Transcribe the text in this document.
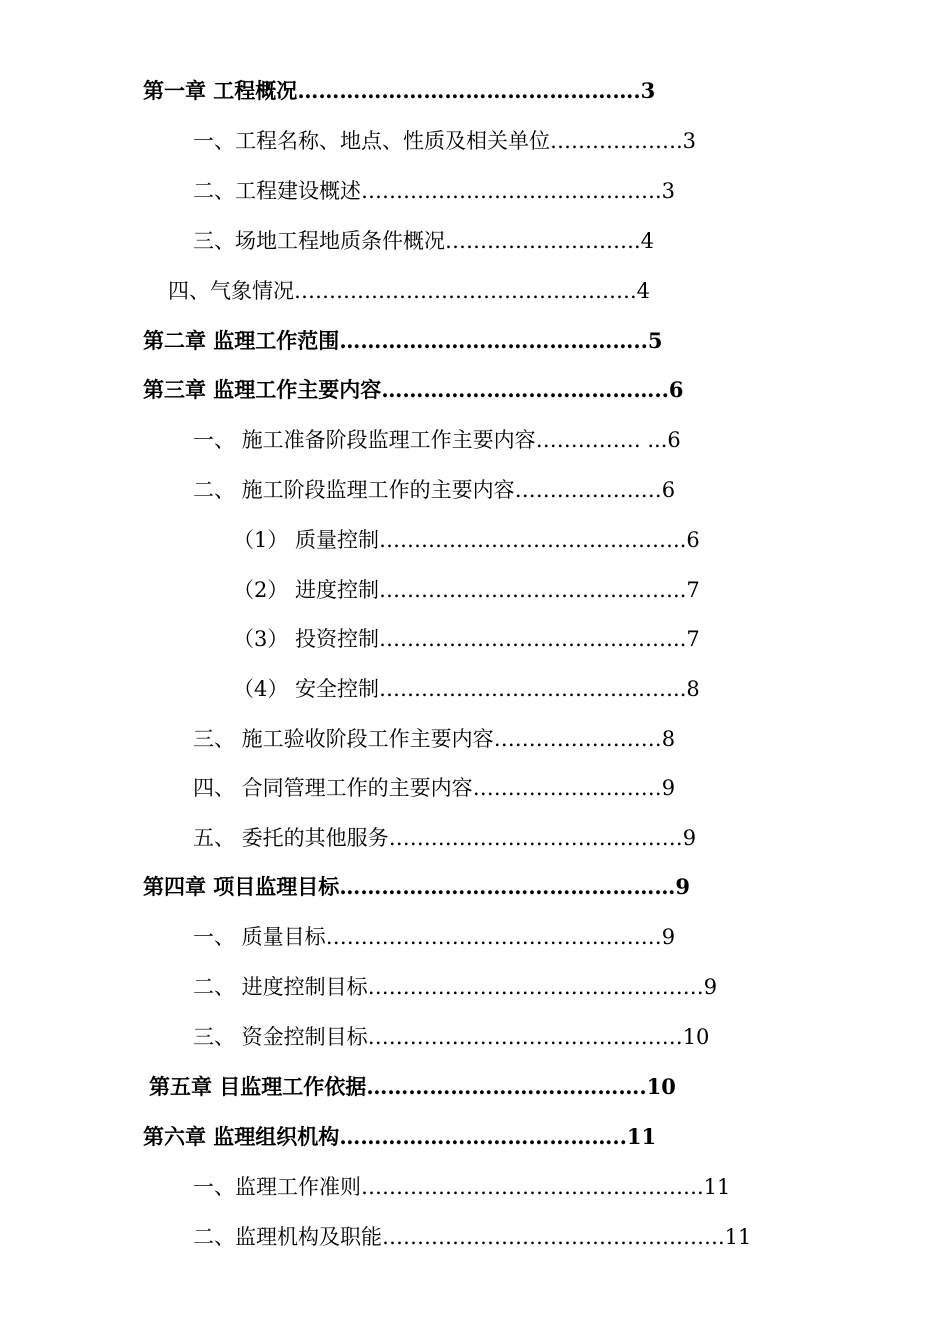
第一章 工程概况………………………………………….3
一、工程名称、地点、性质及相关单位……………….3
二、工程建设概述…………………………………….3
三、场地工程地质条件概况……………………….4
四、气象情况………………………………………….4
第二章 监理工作范围……………………………………..5
第三章 监理工作主要内容…………………………………..6
一、 施工准备阶段监理工作主要内容…………… ...6
二、 施工阶段监理工作的主要内容…………………6
（1） 质量控制……………………………………..6
（2） 进度控制……………………………………..7
（3） 投资控制……………………………………..7
（4） 安全控制……………………………………..8
三、 施工验收阶段工作主要内容……………………8
四、 合同管理工作的主要内容………………………9
五、 委托的其他服务……………………………………9
第四章 项目监理目标…………………………………………9
一、 质量目标…………………………………………9
二、 进度控制目标…………………………………………9
三、 资金控制目标………………………………………10
第五章 目监理工作依据………………………………….10
第六章 监理组织机构…………………………………..11
一、监理工作准则………………………………………….11
二、监理机构及职能………………………………………….11
